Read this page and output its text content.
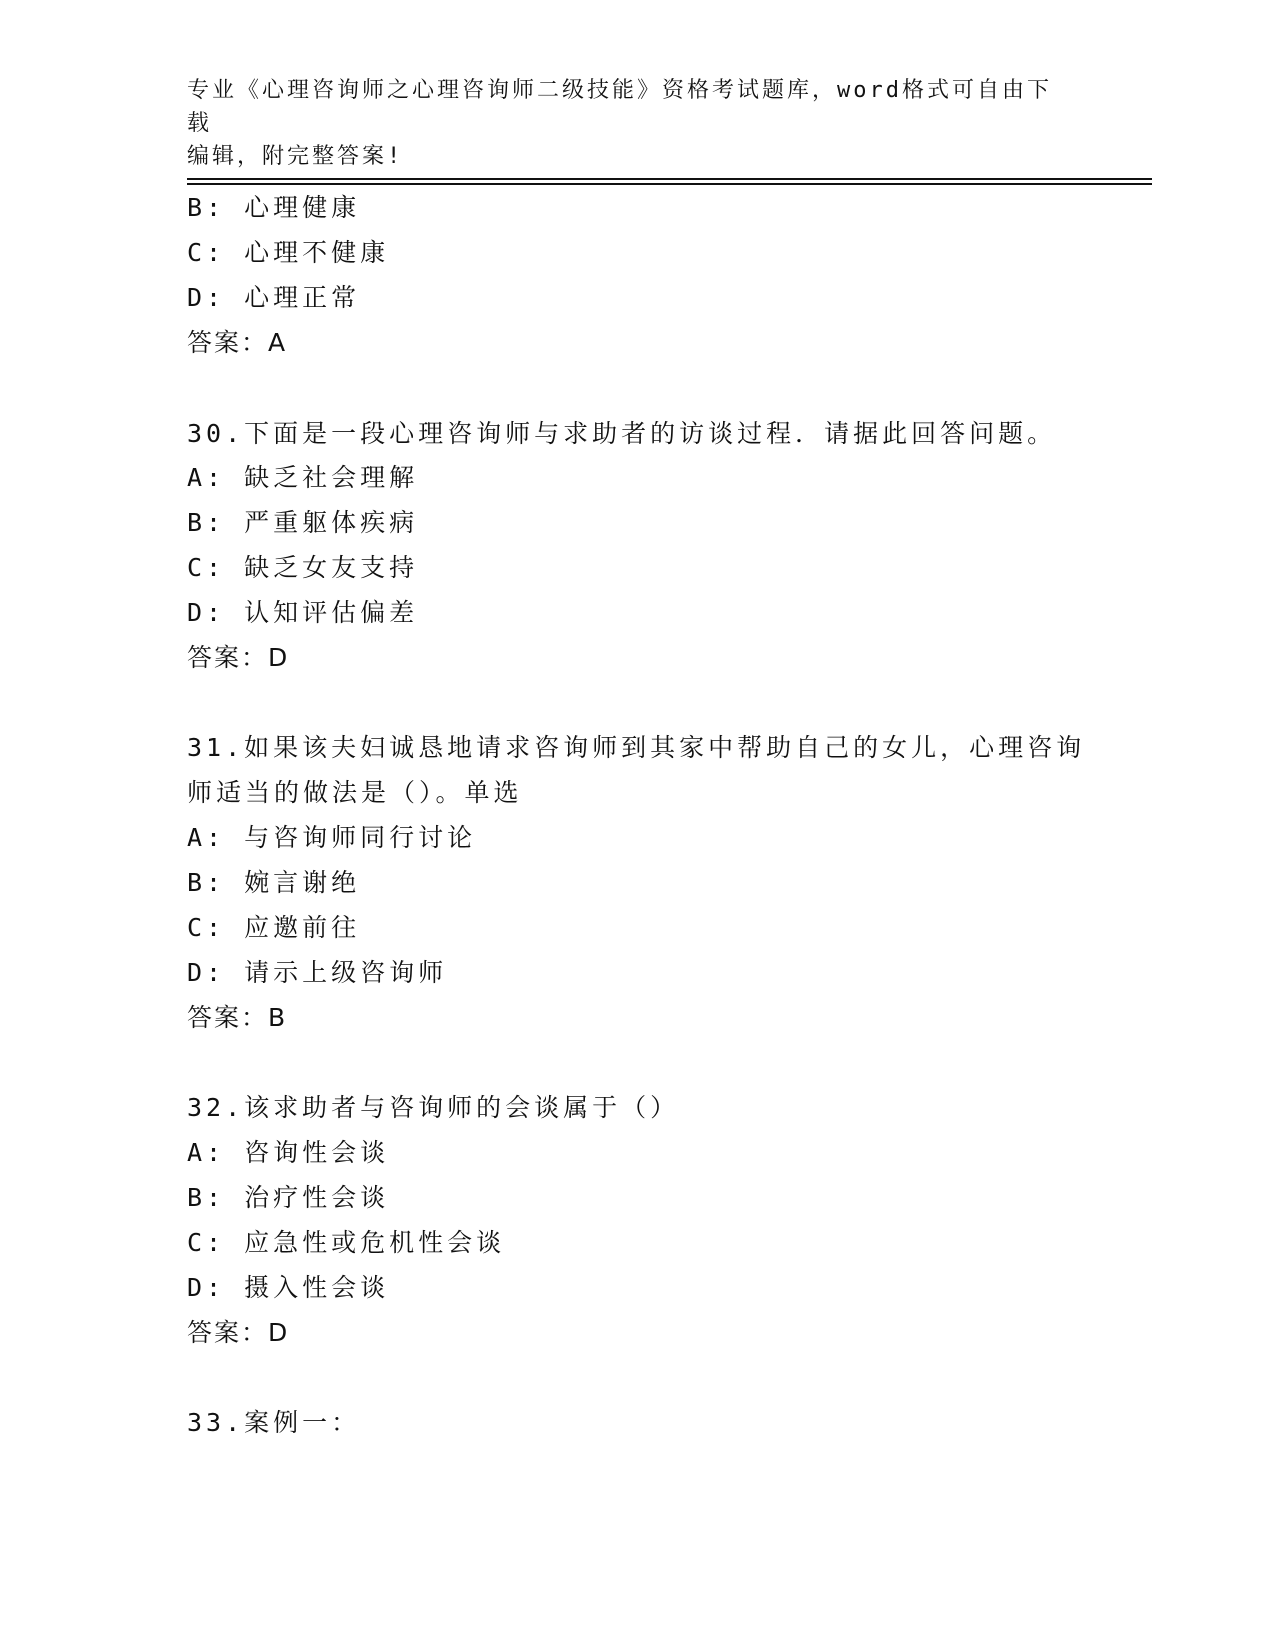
专业《心理咨询师之心理咨询师二级技能》资格考试题库，word格式可自由下载
编辑，附完整答案!
B: 心理健康
C: 心理不健康
D: 心理正常
答案：A
30.下面是一段心理咨询师与求助者的访谈过程．请据此回答问题。
A: 缺乏社会理解
B: 严重躯体疾病
C: 缺乏女友支持
D: 认知评估偏差
答案：D
31.如果该夫妇诚恳地请求咨询师到其家中帮助自己的女儿，心理咨询
师适当的做法是（）。单选
A: 与咨询师同行讨论
B: 婉言谢绝
C: 应邀前往
D: 请示上级咨询师
答案：B
32.该求助者与咨询师的会谈属于（）
A: 咨询性会谈
B: 治疗性会谈
C: 应急性或危机性会谈
D: 摄入性会谈
答案：D
33.案例一：
